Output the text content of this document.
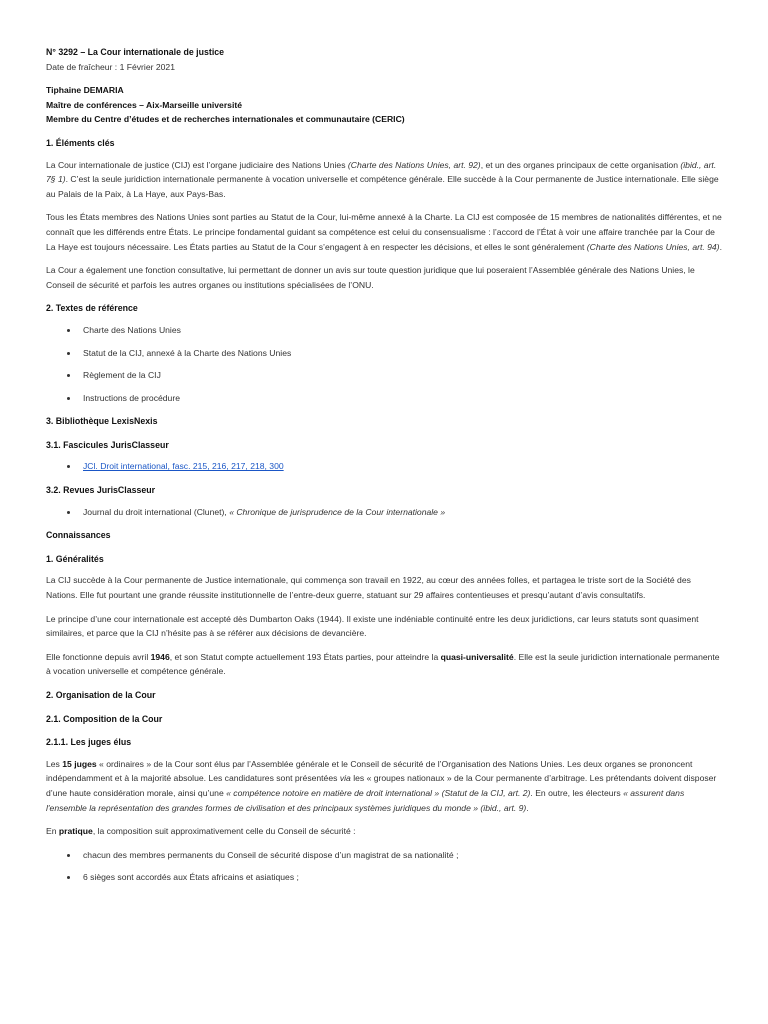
N° 3292 – La Cour internationale de justice
Date de fraîcheur : 1 Février 2021
Tiphaine DEMARIA
Maître de conférences – Aix-Marseille université
Membre du Centre d’études et de recherches internationales et communautaire (CERIC)
1. Éléments clés

La Cour internationale de justice (CIJ) est l’organe judiciaire des Nations Unies (Charte des Nations Unies, art. 92), et un des organes principaux de cette organisation (ibid., art. 7§ 1). C’est la seule juridiction internationale permanente à vocation universelle et compétence générale. Elle succède à la Cour permanente de Justice internationale. Elle siège au Palais de la Paix, à La Haye, aux Pays-Bas.

Tous les États membres des Nations Unies sont parties au Statut de la Cour, lui-même annexé à la Charte. La CIJ est composée de 15 membres de nationalités différentes, et ne connaît que les différends entre États. Le principe fondamental guidant sa compétence est celui du consensualisme : l’accord de l’État à voir une affaire tranchée par la Cour de La Haye est toujours nécessaire. Les États parties au Statut de la Cour s’engagent à en respecter les décisions, et elles le sont généralement (Charte des Nations Unies, art. 94).

La Cour a également une fonction consultative, lui permettant de donner un avis sur toute question juridique que lui poseraient l’Assemblée générale des Nations Unies, le Conseil de sécurité et parfois les autres organes ou institutions spécialisées de l’ONU.

2. Textes de référence
• Charte des Nations Unies
• Statut de la CIJ, annexé à la Charte des Nations Unies
• Règlement de la CIJ
• Instructions de procédure
3. Bibliothèque LexisNexis
3.1. Fascicules JurisClasseur
• JCl. Droit international, fasc. 215, 216, 217, 218, 300
3.2. Revues JurisClasseur
• Journal du droit international (Clunet), « Chronique de jurisprudence de la Cour internationale »
Connaissances
1. Généralités

La CIJ succède à la Cour permanente de Justice internationale, qui commença son travail en 1922, au cœur des années folles, et partagea le triste sort de la Société des Nations. Elle fut pourtant une grande réussite institutionnelle de l’entre-deux guerre, statuant sur 29 affaires contentieuses et presqu’autant d’avis consultatifs.

Le principe d’une cour internationale est accepté dès Dumbarton Oaks (1944). Il existe une indéniable continuité entre les deux juridictions, car leurs statuts sont quasiment similaires, et parce que la CIJ n’hésite pas à se référer aux décisions de devancière.

Elle fonctionne depuis avril 1946, et son Statut compte actuellement 193 États parties, pour atteindre la quasi-universalité. Elle est la seule juridiction internationale permanente à vocation universelle et compétence générale.

2. Organisation de la Cour
2.1. Composition de la Cour
2.1.1. Les juges élus

Les 15 juges « ordinaires » de la Cour sont élus par l’Assemblée générale et le Conseil de sécurité de l’Organisation des Nations Unies. Les deux organes se prononcent indépendamment et à la majorité absolue. Les candidatures sont présentées via les « groupes nationaux » de la Cour permanente d’arbitrage. Les prétendants doivent disposer d’une haute considération morale, ainsi qu’une « compétence notoire en matière de droit international » (Statut de la CIJ, art. 2). En outre, les électeurs « assurent dans l'ensemble la représentation des grandes formes de civilisation et des principaux systèmes juridiques du monde » (ibid., art. 9).

En pratique, la composition suit approximativement celle du Conseil de sécurité :

• chacun des membres permanents du Conseil de sécurité dispose d’un magistrat de sa nationalité ;
• 6 sièges sont accordés aux États africains et asiatiques ;
